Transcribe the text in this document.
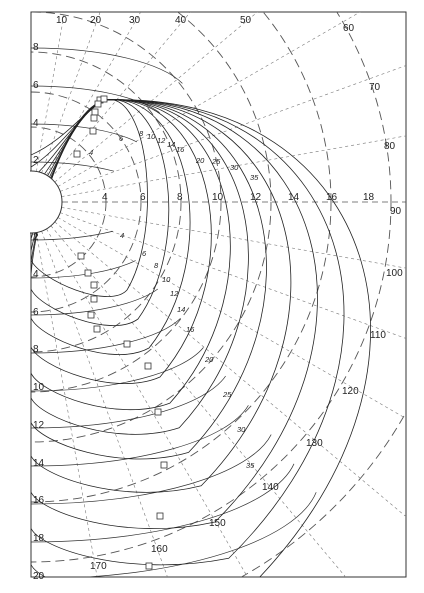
10 20	30	40	50
60
70
80
90
100
110
120
130
140
150
160
170
8
6
4
2
2
4
6
8
10
12
14
16
18
20
4	6	8	10	12	14	16	18
4
6
8 10 12 14
16
20 25
30
35
4
6
8
10
12
14
16
20
25
30
35
